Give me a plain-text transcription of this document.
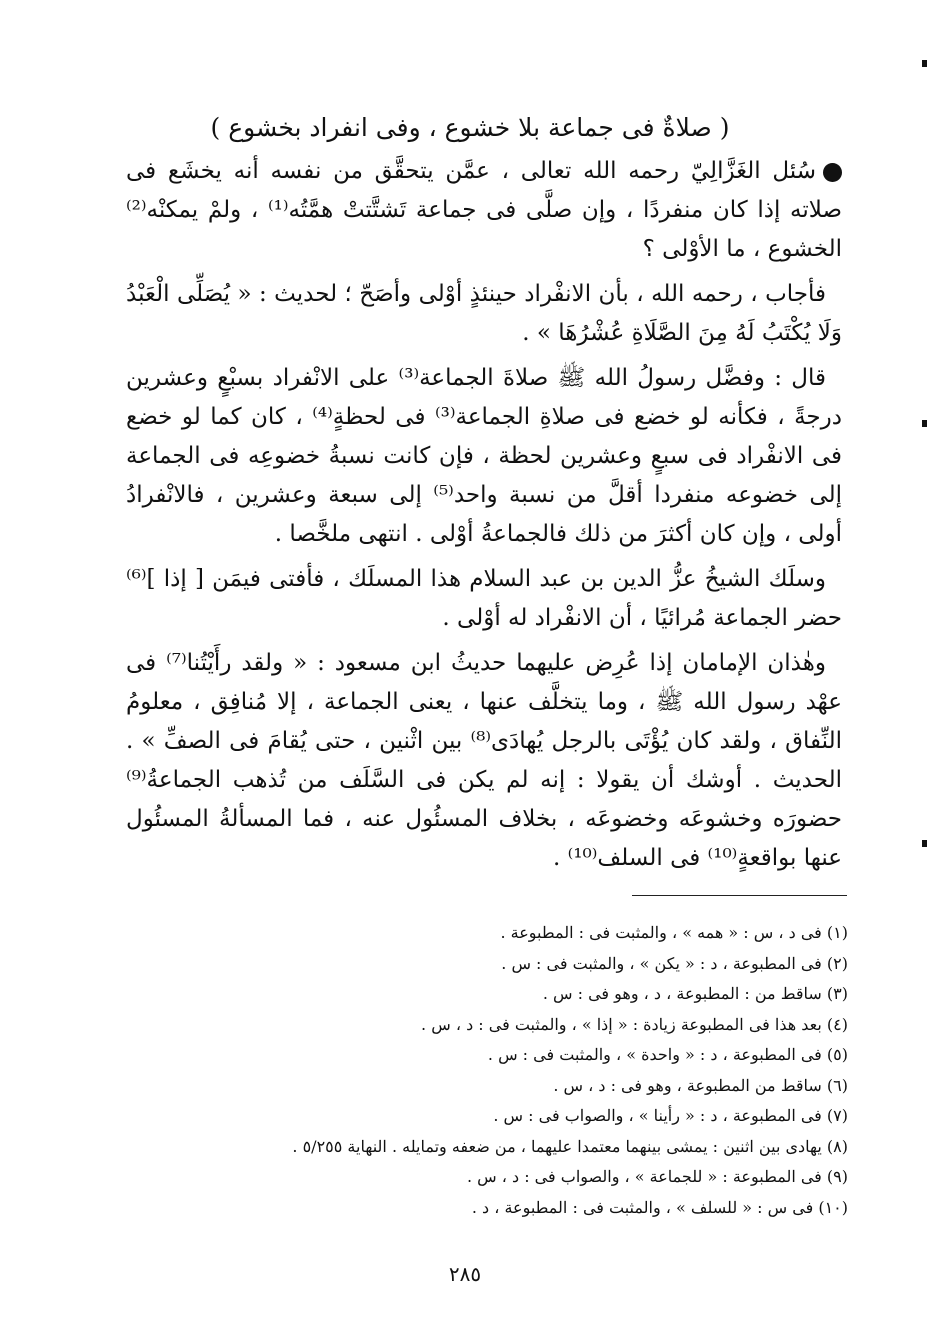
( صلاةٌ فى جماعة بلا خشوع ، وفى انفراد بخشوع )

سُئل الغَزَّالِيّ رحمه الله تعالى ، عمَّن يتحقَّق من نفسه أنه يخشَع فى صلاته إذا كان منفردًا ، وإن صلَّى فى جماعة تَشتَّتتْ همَّتُه⁽¹⁾ ، ولمْ يمكنْه⁽²⁾ الخشوع ، ما الأوْلى ؟

فأجاب ، رحمه الله ، بأن الانفْراد حينئذٍ أوْلى وأصَحّ ؛ لحديث : « يُصَلِّى الْعَبْدُ وَلَا يُكْتَبُ لَهُ مِنَ الصَّلَاةِ عُشْرُهَا » .

قال : وفضَّل رسولُ الله ﷺ صلاةَ الجماعة⁽³⁾ على الانْفراد بسبْعٍ وعشرين درجةً ، فكأنه لو خضع فى صلاةِ الجماعة⁽³⁾ فى لحظةٍ⁽⁴⁾ ، كان كما لو خضع فى الانفْراد فى سبعٍ وعشرين لحظة ، فإن كانت نسبةُ خضوعِه فى الجماعة إلى خضوعه منفردا أقلَّ من نسبة واحد⁽⁵⁾ إلى سبعة وعشرين ، فالانْفرادُ أولى ، وإن كان أكثرَ من ذلك فالجماعةُ أوْلى . انتهى ملخَّصا .

وسلَك الشيخُ عزُّ الدين بن عبد السلام هذا المسلَك ، فأفتى فيمَن [ إذا ]⁽⁶⁾ حضر الجماعة مُرائيًا ، أن الانفْراد له أوْلى .

وهٰذان الإمامان إذا عُرِض عليهما حديثُ ابن مسعود : « ولقد رأَيْتُنا⁽⁷⁾ فى عهْد رسول الله ﷺ ، وما يتخلَّف عنها ، يعنى الجماعة ، إلا مُنافِق ، معلومُ النِّفاق ، ولقد كان يُؤْتَى بالرجل يُهادَى⁽⁸⁾ بين اثْنين ، حتى يُقامَ فى الصفِّ » . الحديث . أوشك أن يقولا : إنه لم يكن فى السَّلَف من تُذهب الجماعةُ⁽⁹⁾ حضورَه وخشوعَه وخضوعَه ، بخلاف المسئُول عنه ، فما المسألةُ المسئُول عنها بواقعةٍ⁽¹⁰⁾ فى السلف⁽¹⁰⁾ .

(١) فى د ، س : « همه » ، والمثبت فى : المطبوعة .
(٢) فى المطبوعة ، د : « يكن » ، والمثبت فى : س .
(٣) ساقط من : المطبوعة ، د ، وهو فى : س .
(٤) بعد هذا فى المطبوعة زيادة : « إذا » ، والمثبت فى : د ، س .
(٥) فى المطبوعة ، د : « واحدة » ، والمثبت فى : س .
(٦) ساقط من المطبوعة ، وهو فى : د ، س .
(٧) فى المطبوعة ، د : « رأينا » ، والصواب فى : س .
(٨) يهادى بين اثنين : يمشى بينهما معتمدا عليهما ، من ضعفه وتمايله . النهاية ٥/٢٥٥ .
(٩) فى المطبوعة : « للجماعة » ، والصواب فى : د ، س .
(١٠) فى س : « للسلف » ، والمثبت فى : المطبوعة ، د .
٢٨٥
